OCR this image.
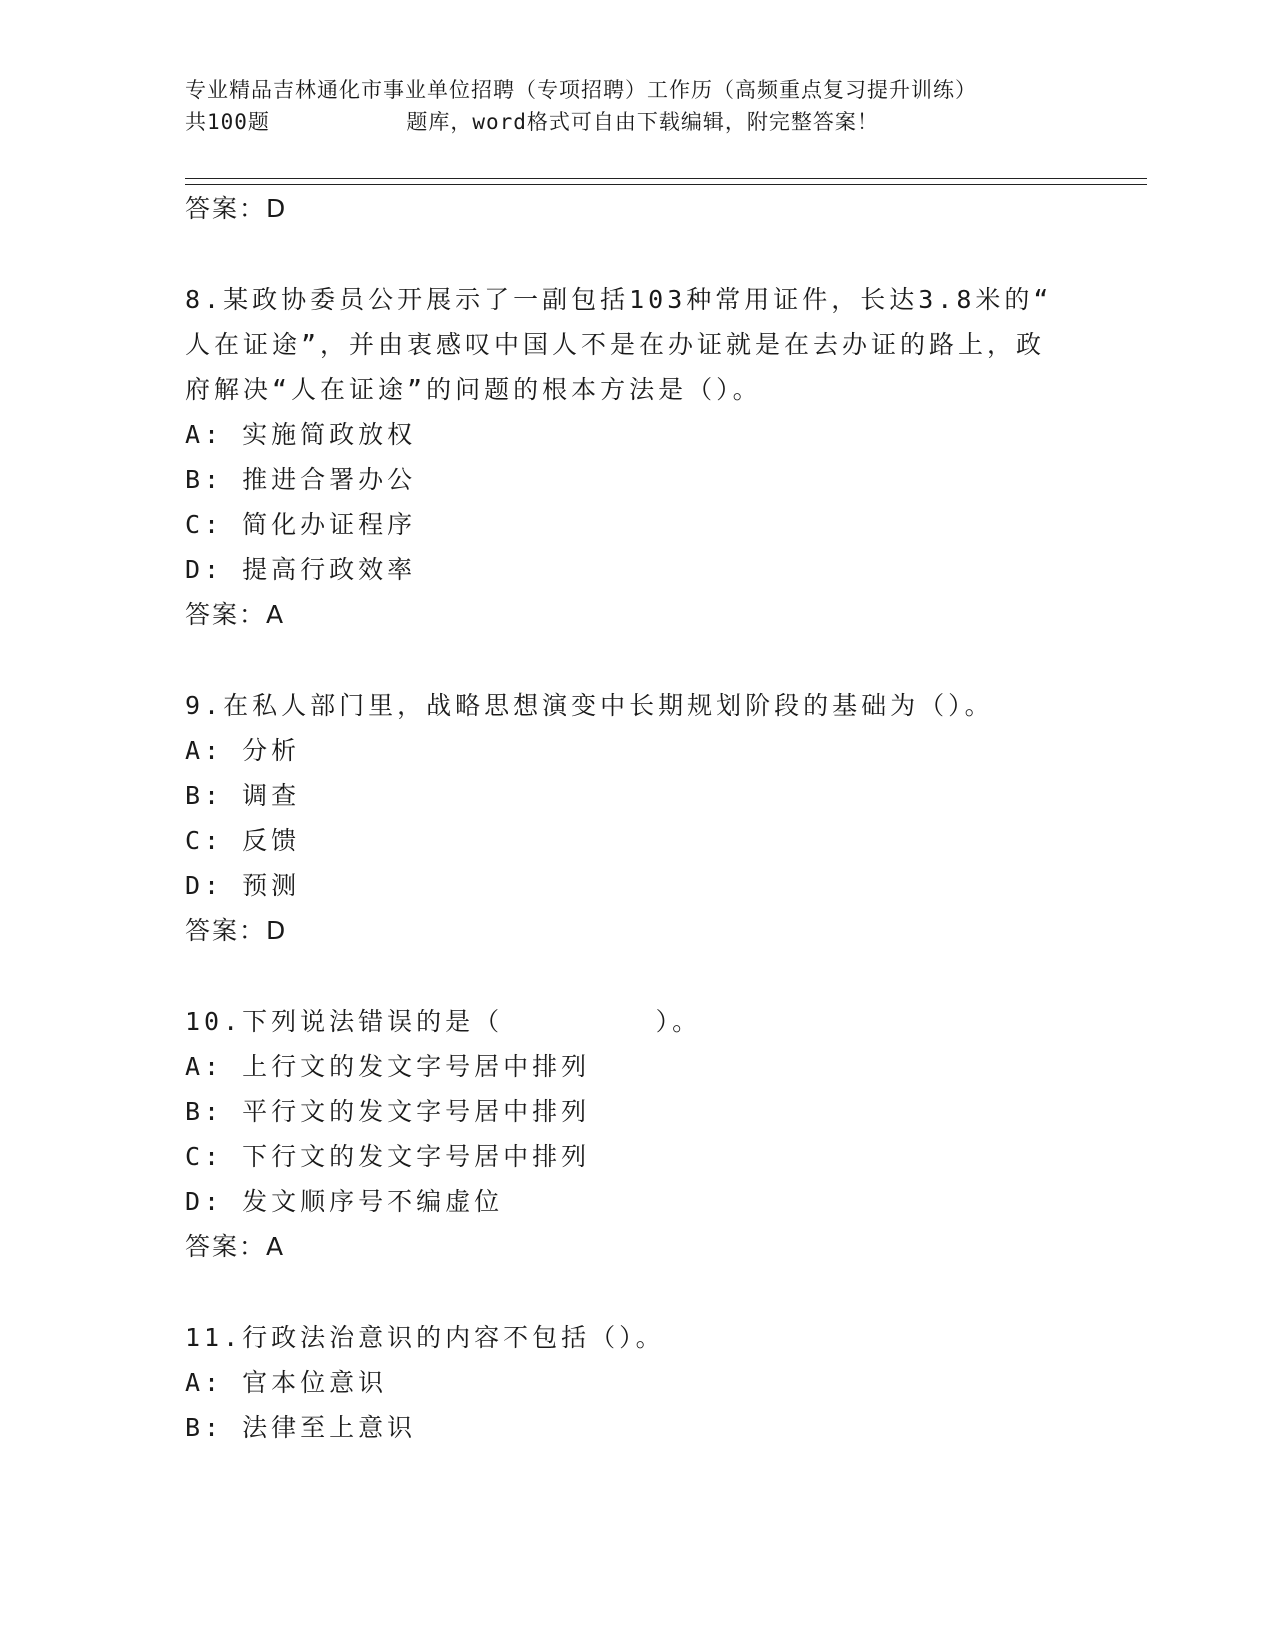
专业精品吉林通化市事业单位招聘（专项招聘）工作历（高频重点复习提升训练）
共100题          题库，word格式可自由下载编辑，附完整答案！
答案：D
8.某政协委员公开展示了一副包括103种常用证件，长达3.8米的“
人在证途”，并由衷感叹中国人不是在办证就是在去办证的路上，政
府解决“人在证途”的问题的根本方法是（）。
A: 实施简政放权
B: 推进合署办公
C: 简化办证程序
D: 提高行政效率
答案：A
9.在私人部门里，战略思想演变中长期规划阶段的基础为（）。
A: 分析
B: 调查
C: 反馈
D: 预测
答案：D
10.下列说法错误的是（        ）。
A: 上行文的发文字号居中排列
B: 平行文的发文字号居中排列
C: 下行文的发文字号居中排列
D: 发文顺序号不编虚位
答案：A
11.行政法治意识的内容不包括（）。
A: 官本位意识
B: 法律至上意识
